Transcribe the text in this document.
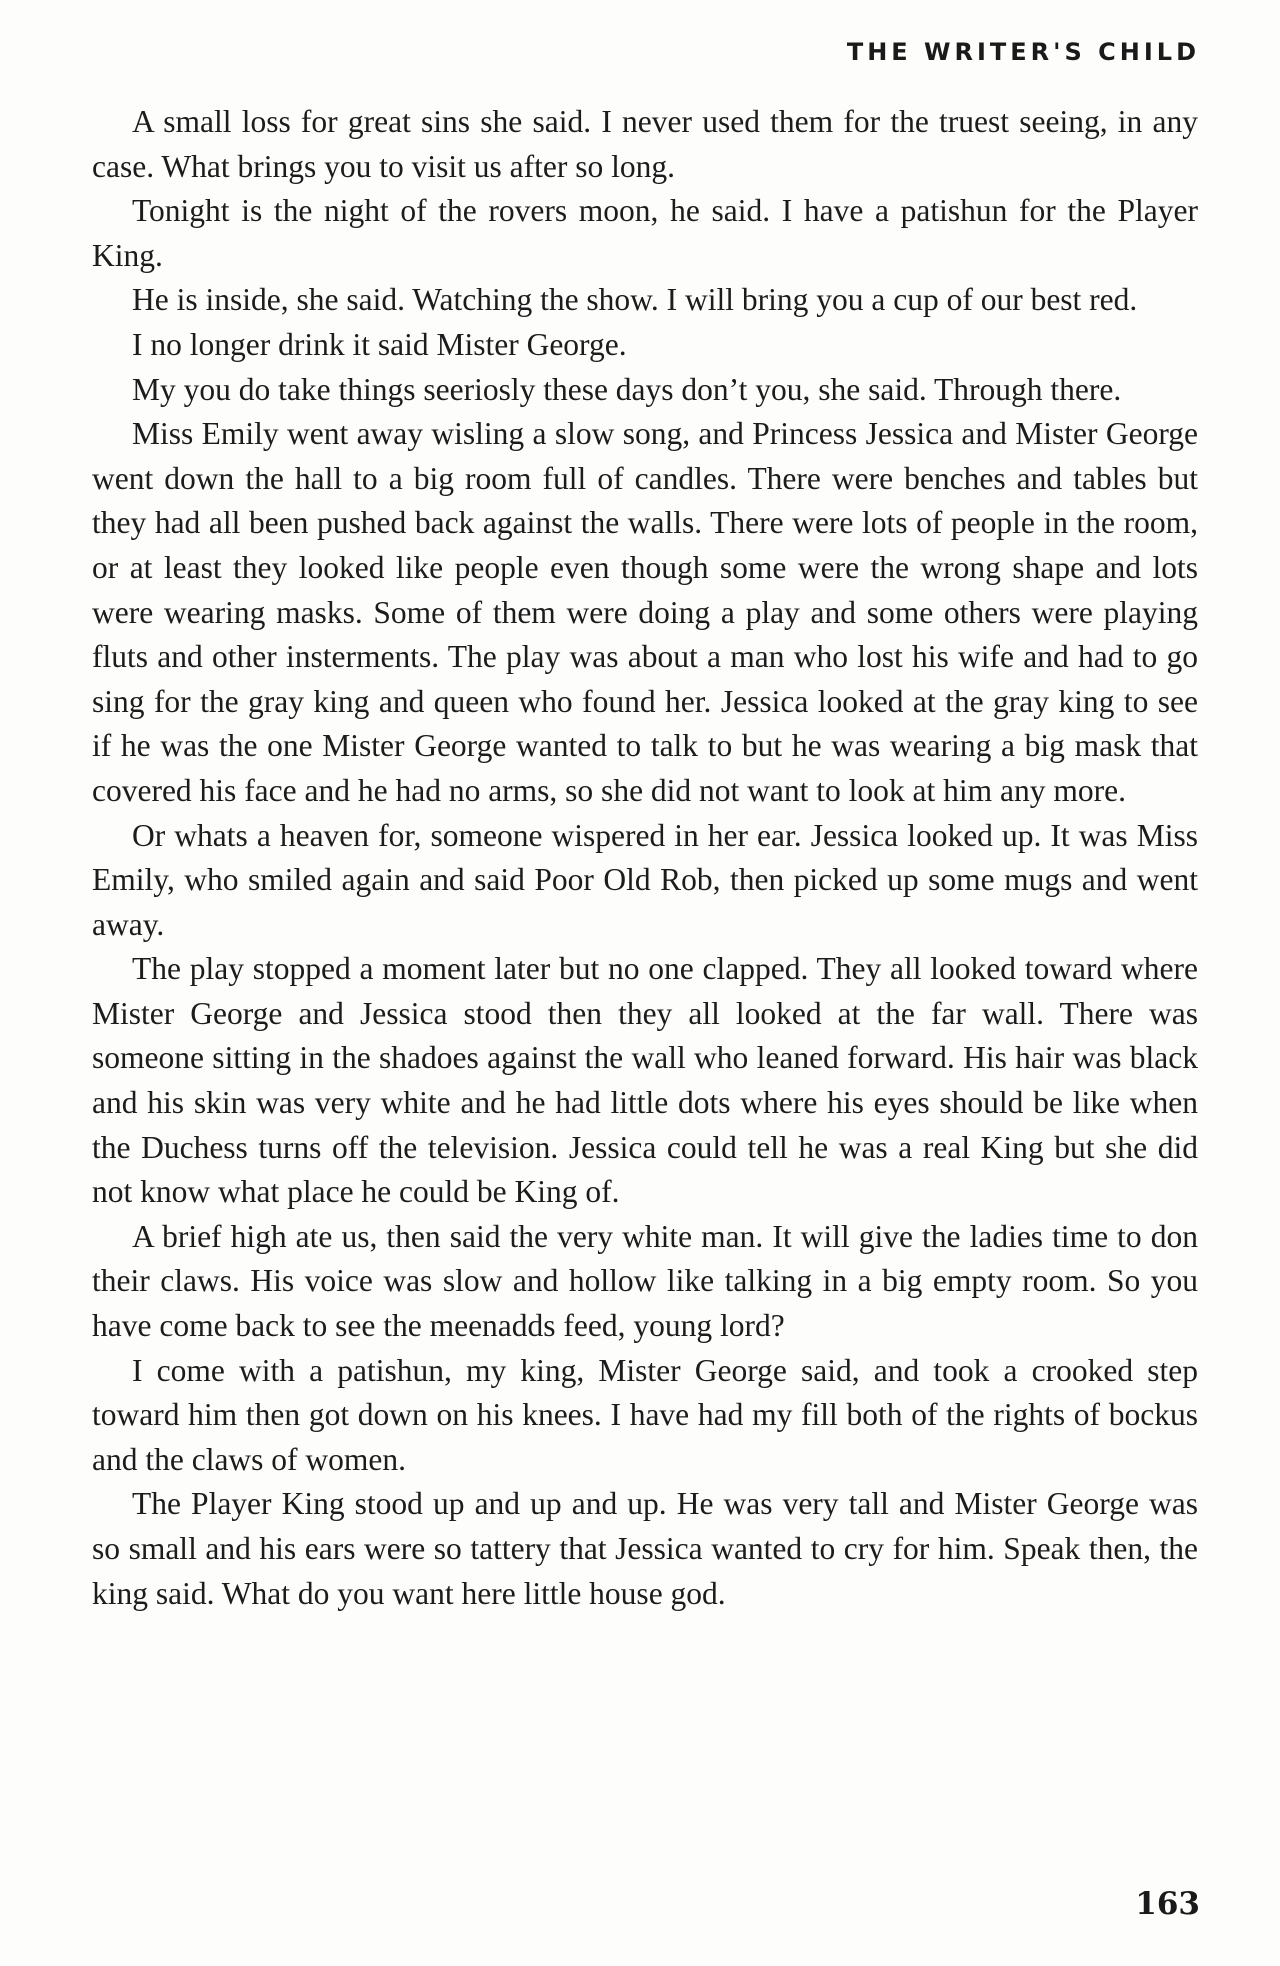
THE WRITER'S CHILD

A small loss for great sins she said. I never used them for the truest seeing, in any case. What brings you to visit us after so long.

Tonight is the night of the rovers moon, he said. I have a patishun for the Player King.

He is inside, she said. Watching the show. I will bring you a cup of our best red.

I no longer drink it said Mister George.

My you do take things seeriosly these days don’t you, she said. Through there.

Miss Emily went away wisling a slow song, and Princess Jessica and Mister George went down the hall to a big room full of candles. There were benches and tables but they had all been pushed back against the walls. There were lots of people in the room, or at least they looked like people even though some were the wrong shape and lots were wearing masks. Some of them were doing a play and some others were playing fluts and other insterments. The play was about a man who lost his wife and had to go sing for the gray king and queen who found her. Jessica looked at the gray king to see if he was the one Mister George wanted to talk to but he was wearing a big mask that covered his face and he had no arms, so she did not want to look at him any more.

Or whats a heaven for, someone wispered in her ear. Jessica looked up. It was Miss Emily, who smiled again and said Poor Old Rob, then picked up some mugs and went away.

The play stopped a moment later but no one clapped. They all looked toward where Mister George and Jessica stood then they all looked at the far wall. There was someone sitting in the shadoes against the wall who leaned forward. His hair was black and his skin was very white and he had little dots where his eyes should be like when the Duchess turns off the television. Jessica could tell he was a real King but she did not know what place he could be King of.

A brief high ate us, then said the very white man. It will give the ladies time to don their claws. His voice was slow and hollow like talking in a big empty room. So you have come back to see the meenadds feed, young lord?

I come with a patishun, my king, Mister George said, and took a crooked step toward him then got down on his knees. I have had my fill both of the rights of bockus and the claws of women.

The Player King stood up and up and up. He was very tall and Mister George was so small and his ears were so tattery that Jessica wanted to cry for him. Speak then, the king said. What do you want here little house god.

163
